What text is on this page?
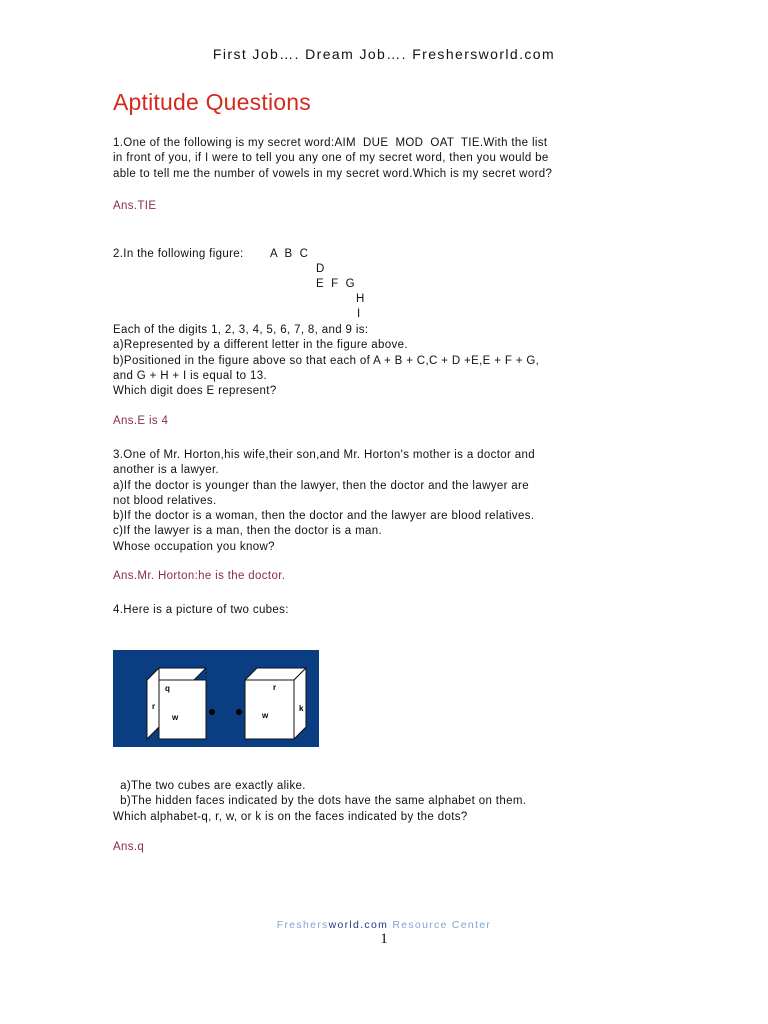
First Job…. Dream Job…. Freshersworld.com
Aptitude Questions
1.One of the following is my secret word:AIM  DUE  MOD  OAT  TIE.With the list
in front of you, if I were to tell you any one of my secret word, then you would be
able to tell me the number of vowels in my secret word.Which is my secret word?
Ans.TIE
2.In the following figure: A  B  C
D
E  F  G
H
I
Each of the digits 1, 2, 3, 4, 5, 6, 7, 8, and 9 is:
a)Represented by a different letter in the figure above.
b)Positioned in the figure above so that each of A + B + C,C + D +E,E + F + G,
and G + H + I is equal to 13.
Which digit does E represent?
Ans.E is 4
3.One of Mr. Horton,his wife,their son,and Mr. Horton's mother is a doctor and
another is a lawyer.
a)If the doctor is younger than the lawyer, then the doctor and the lawyer are
not blood relatives.
b)If the doctor is a woman, then the doctor and the lawyer are blood relatives.
c)If the lawyer is a man, then the doctor is a man.
Whose occupation you know?
Ans.Mr. Horton:he is the doctor.
4.Here is a picture of two cubes:
q
r
w
r
w
k
a)The two cubes are exactly alike.
b)The hidden faces indicated by the dots have the same alphabet on them.
Which alphabet-q, r, w, or k is on the faces indicated by the dots?
Ans.q
Freshersworld.com Resource Center
1
